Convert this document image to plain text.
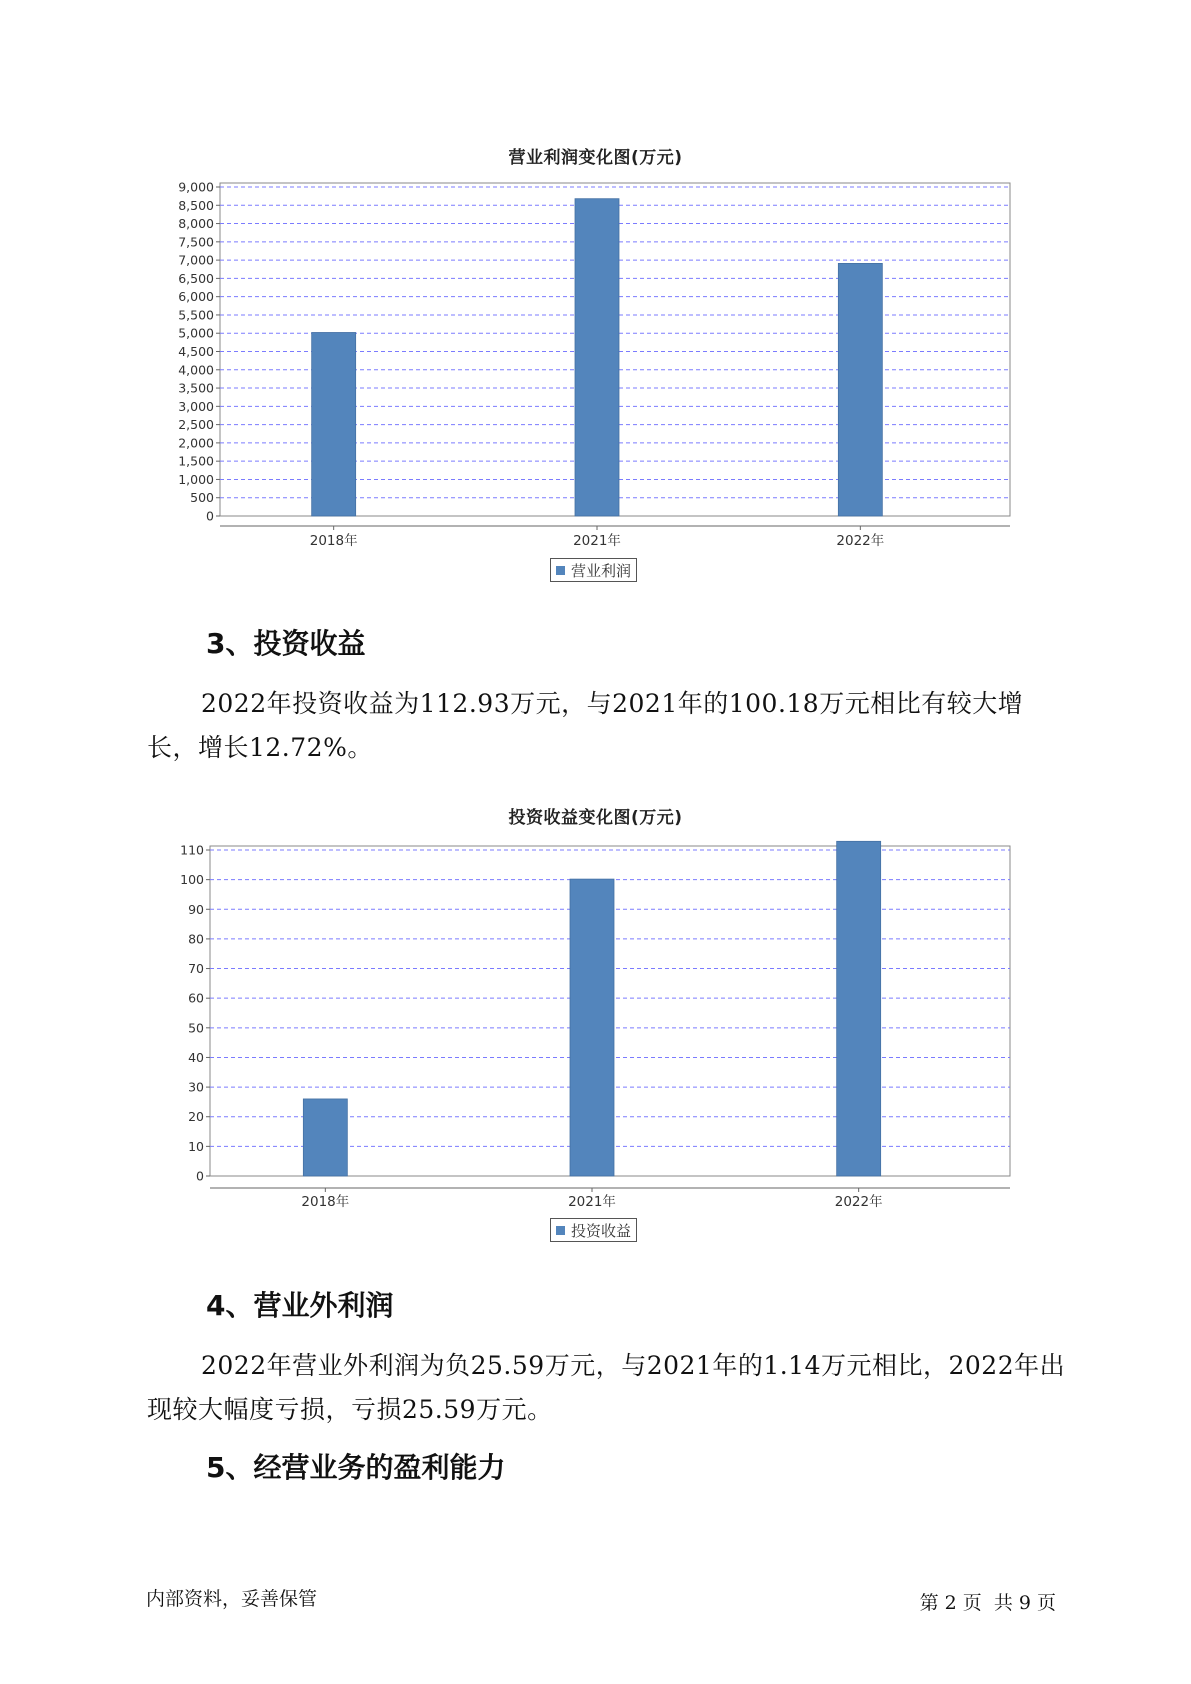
营业利润变化图(万元)
0
500
1,000
1,500
2,000
2,500
3,000
3,500
4,000
4,500
5,000
5,500
6,000
6,500
7,000
7,500
8,000
8,500
9,000
2018年	2021年	2022年
营业利润
3、投资收益

2022年投资收益为112.93万元，与2021年的100.18万元相比有较大增长，增长12.72%。

投资收益变化图(万元)
0
10
20
30
40
50
60
70
80
90
100
110
2018年	2021年	2022年
投资收益
4、营业外利润

2022年营业外利润为负25.59万元，与2021年的1.14万元相比，2022年出现较大幅度亏损，亏损25.59万元。

5、经营业务的盈利能力
内部资料，妥善保管	第 2 页  共 9 页
